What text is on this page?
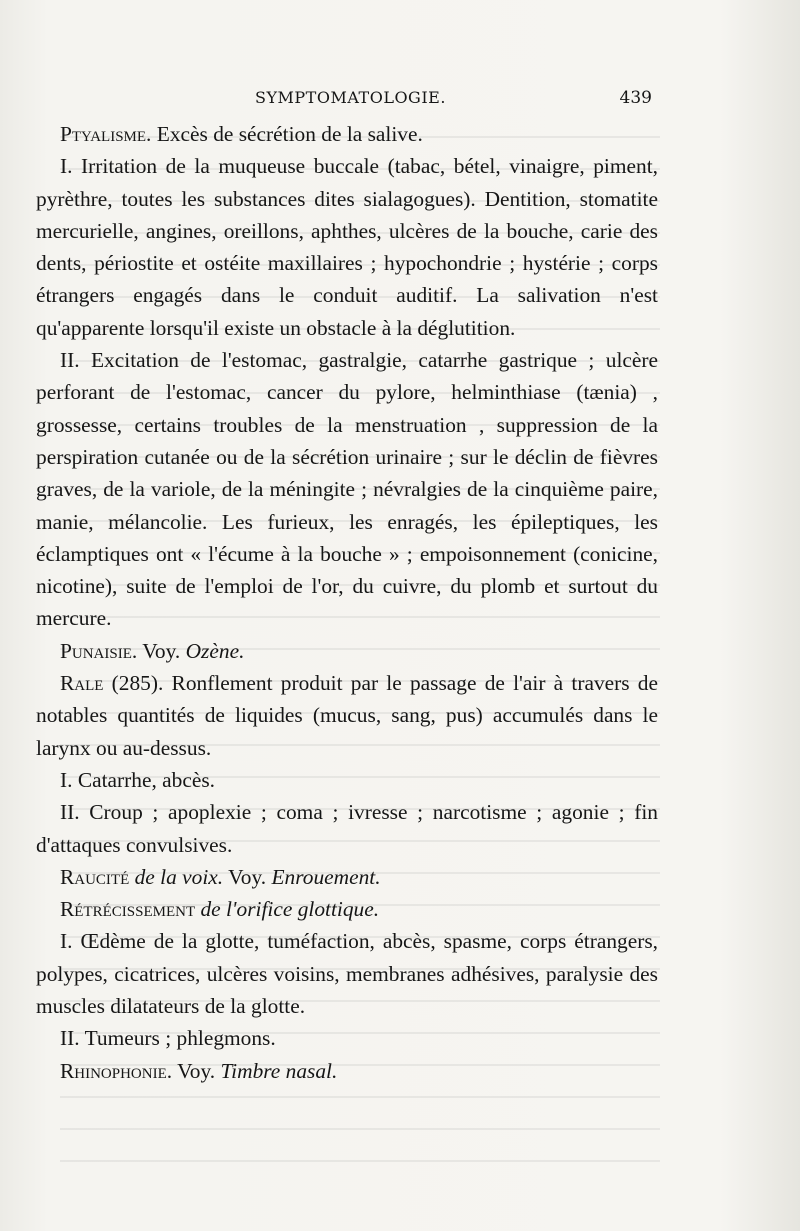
SYMPTOMATOLOGIE.	439

Ptyalisme. Excès de sécrétion de la salive.

I. Irritation de la muqueuse buccale (tabac, bétel, vinaigre, piment, pyrèthre, toutes les substances dites sialagogues). Dentition, stomatite mercurielle, angines, oreillons, aphthes, ulcères de la bouche, carie des dents, périostite et ostéite maxillaires ; hypochondrie ; hystérie ; corps étrangers engagés dans le conduit auditif. La salivation n'est qu'apparente lorsqu'il existe un obstacle à la déglutition.

II. Excitation de l'estomac, gastralgie, catarrhe gastrique ; ulcère perforant de l'estomac, cancer du pylore, helminthiase (tænia) , grossesse, certains troubles de la menstruation , suppression de la perspiration cutanée ou de la sécrétion urinaire ; sur le déclin de fièvres graves, de la variole, de la méningite ; névralgies de la cinquième paire, manie, mélancolie. Les furieux, les enragés, les épileptiques, les éclamptiques ont « l'écume à la bouche » ; empoisonnement (conicine, nicotine), suite de l'emploi de l'or, du cuivre, du plomb et surtout du mercure.

Punaisie. Voy. Ozène.

Rale (285). Ronflement produit par le passage de l'air à travers de notables quantités de liquides (mucus, sang, pus) accumulés dans le larynx ou au-dessus.

I. Catarrhe, abcès.

II. Croup ; apoplexie ; coma ; ivresse ; narcotisme ; agonie ; fin d'attaques convulsives.

Raucité de la voix. Voy. Enrouement.

Rétrécissement de l'orifice glottique.

I. Œdème de la glotte, tuméfaction, abcès, spasme, corps étrangers, polypes, cicatrices, ulcères voisins, membranes adhésives, paralysie des muscles dilatateurs de la glotte.

II. Tumeurs ; phlegmons.

Rhinophonie. Voy. Timbre nasal.
